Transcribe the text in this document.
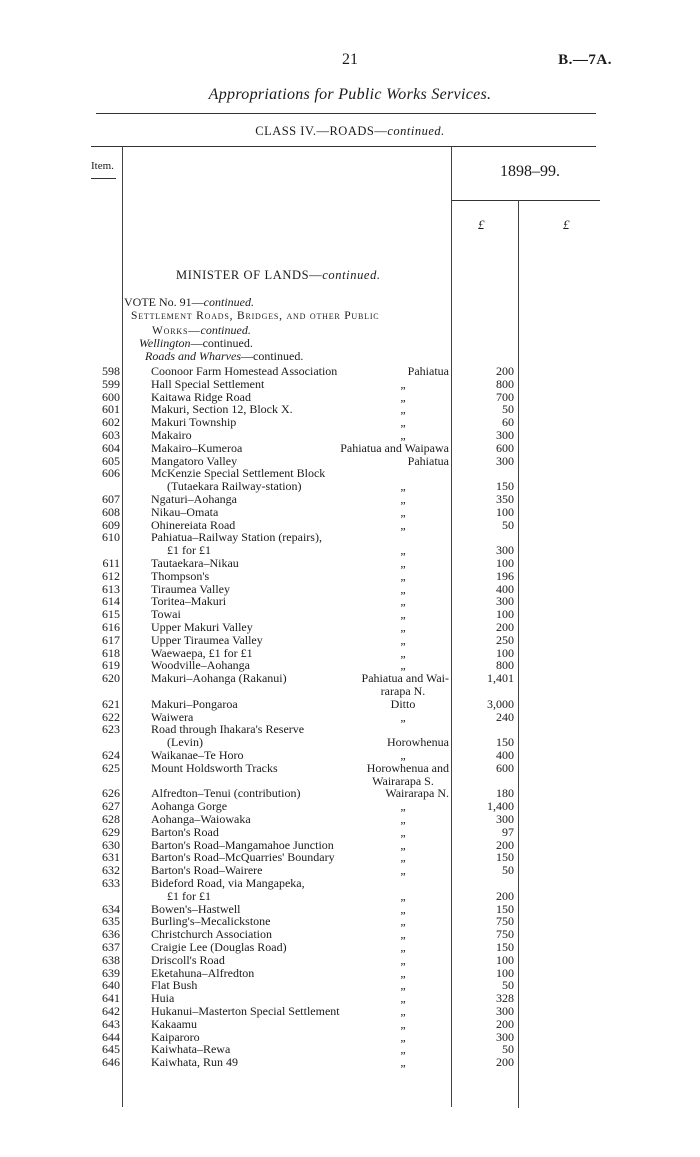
21	B.—7A.
Appropriations for Public Works Services.
CLASS IV.—ROADS—continued.
Item.	1898–99.
£	£
MINISTER OF LANDS—continued.
VOTE No. 91—continued.
Settlement Roads, Bridges, and other Public
Works—continued.
Wellington—continued.
Roads and Wharves—continued.
598	Coonoor Farm Homestead Association	Pahiatua	200
599	Hall Special Settlement	„	800
600	Kaitawa Ridge Road	„	700
601	Makuri, Section 12, Block X.	„	50
602	Makuri Township	„	60
603	Makairo	„	300
604	Makairo–Kumeroa	Pahiatua and Waipawa	600
605	Mangatoro Valley	Pahiatua	300
606	McKenzie Special Settlement Block
(Tutaekara Railway-station)	„	150
607	Ngaturi–Aohanga	„	350
608	Nikau–Omata	„	100
609	Ohinereiata Road	„	50
610	Pahiatua–Railway Station (repairs),
£1 for £1	„	300
611	Tautaekara–Nikau	„	100
612	Thompson's	„	196
613	Tiraumea Valley	„	400
614	Toritea–Makuri	„	300
615	Towai	„	100
616	Upper Makuri Valley	„	200
617	Upper Tiraumea Valley	„	250
618	Waewaepa, £1 for £1	„	100
619	Woodville–Aohanga	„	800
620	Makuri–Aohanga (Rakanui)	Pahiatua and Wai-	1,401
rarapa N.
621	Makuri–Pongaroa	Ditto	3,000
622	Waiwera	„	240
623	Road through Ihakara's Reserve
(Levin)	Horowhenua	150
624	Waikanae–Te Horo	„	400
625	Mount Holdsworth Tracks	Horowhenua and	600
Wairarapa S.
626	Alfredton–Tenui (contribution)	Wairarapa N.	180
627	Aohanga Gorge	„	1,400
628	Aohanga–Waiowaka	„	300
629	Barton's Road	„	97
630	Barton's Road–Mangamahoe Junction	„	200
631	Barton's Road–McQuarries' Boundary	„	150
632	Barton's Road–Wairere	„	50
633	Bideford Road, via Mangapeka,
£1 for £1	„	200
634	Bowen's–Hastwell	„	150
635	Burling's–Mecalickstone	„	750
636	Christchurch Association	„	750
637	Craigie Lee (Douglas Road)	„	150
638	Driscoll's Road	„	100
639	Eketahuna–Alfredton	„	100
640	Flat Bush	„	50
641	Huia	„	328
642	Hukanui–Masterton Special Settlement	„	300
643	Kakaamu	„	200
644	Kaiparoro	„	300
645	Kaiwhata–Rewa	„	50
646	Kaiwhata, Run 49	„	200
